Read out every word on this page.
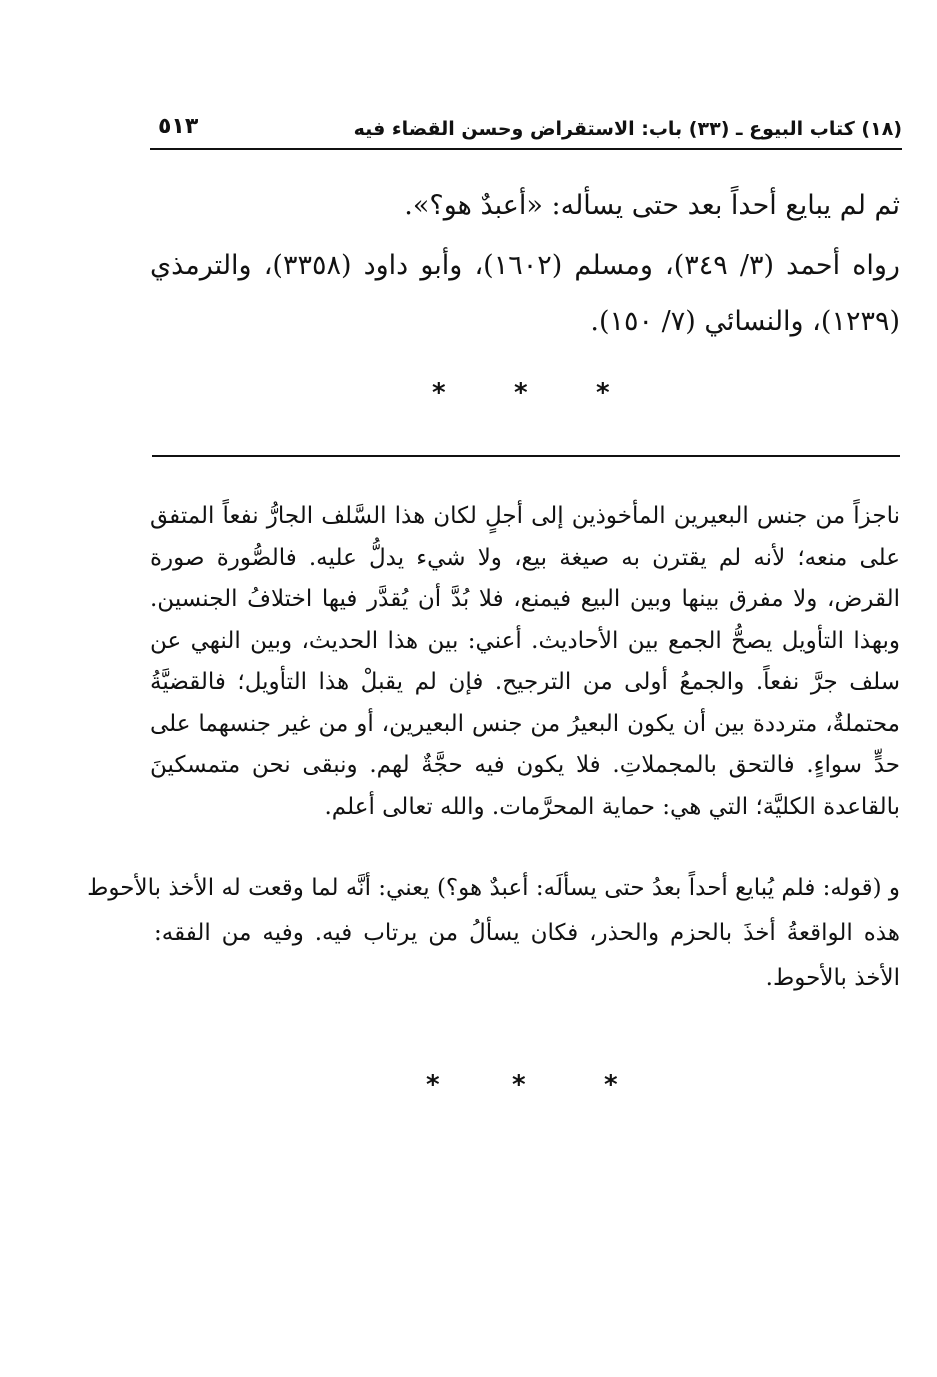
(١٨) كتاب البيوع ـ (٣٣) باب: الاستقراض وحسن القضاء فيه
٥١٣

ثم لم يبايع أحداً بعد حتى يسأله: «أعبدٌ هو؟».

رواه أحمد (٣/ ٣٤٩)، ومسلم (١٦٠٢)، وأبو داود (٣٣٥٨)، والترمذي (١٢٣٩)، والنسائي (٧/ ١٥٠).

*	*	*

ناجزاً من جنس البعيرين المأخوذين إلى أجلٍ لكان هذا السَّلف الجارُّ نفعاً المتفق على منعه؛ لأنه لم يقترن به صيغة بيع، ولا شيء يدلُّ عليه. فالصُّورة صورة القرض، ولا مفرق بينها وبين البيع فيمنع، فلا بُدَّ أن يُقدَّر فيها اختلافُ الجنسين. وبهذا التأويل يصحُّ الجمع بين الأحاديث. أعني: بين هذا الحديث، وبين النهي عن سلف جرَّ نفعاً. والجمعُ أولى من الترجيح. فإن لم يقبلْ هذا التأويل؛ فالقضيَّةُ محتملةٌ، مترددة بين أن يكون البعيرُ من جنس البعيرين، أو من غير جنسهما على حدٍّ سواءٍ. فالتحق بالمجملاتِ. فلا يكون فيه حجَّةٌ لهم. ونبقى نحن متمسكينَ بالقاعدة الكليَّة؛ التي هي: حماية المحرَّمات. والله تعالى أعلم.

و (قوله: فلم يُبايع أحداً بعدُ حتى يسألَه: أعبدٌ هو؟) يعني: أنَّه لما وقعت له الأخذ بالأحوط

هذه الواقعةُ أخذَ بالحزم والحذر، فكان يسألُ من يرتاب فيه. وفيه من الفقه: الأخذ بالأحوط.

*	*	*
